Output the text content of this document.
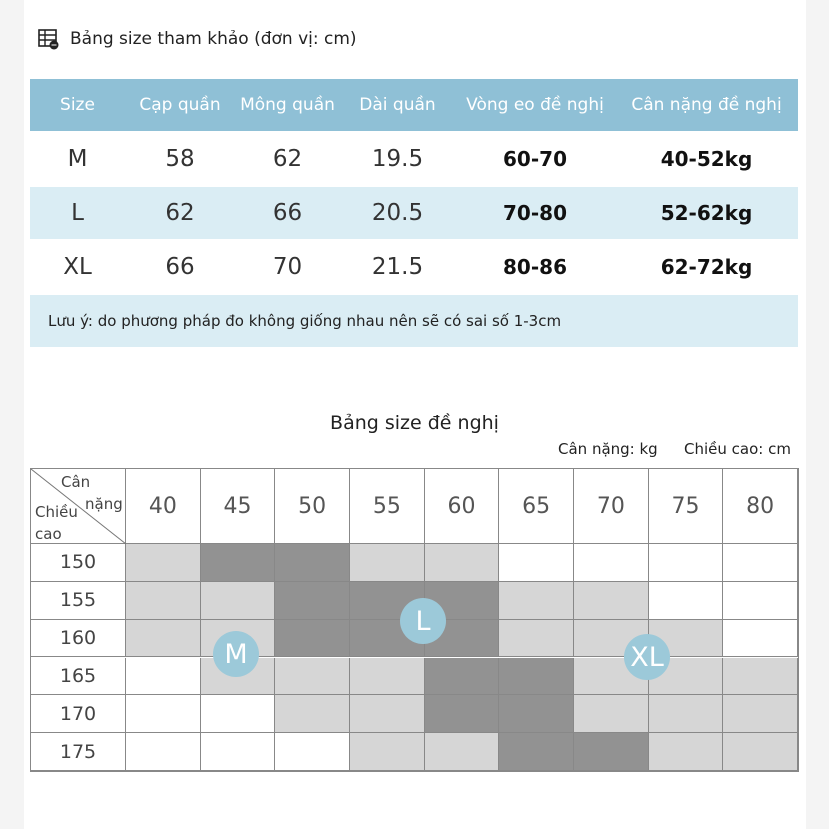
Bảng size tham khảo (đơn vị: cm)
Size	Cạp quần	Mông quần	Dài quần	Vòng eo đề nghị	Cân nặng đề nghị
M	58	62	19.5	60-70	40-52kg
L	62	66	20.5	70-80	52-62kg
XL	66	70	21.5	80-86	62-72kg
Lưu ý: do phương pháp đo không giống nhau nên sẽ có sai số 1-3cm
Bảng size đề nghị
Cân nặng: kg Chiều cao: cm
Cân
nặng
Chiều
cao
40	45	50	55	60	65	70	75	80
150
155
160
165
170
175
M
L
XL
